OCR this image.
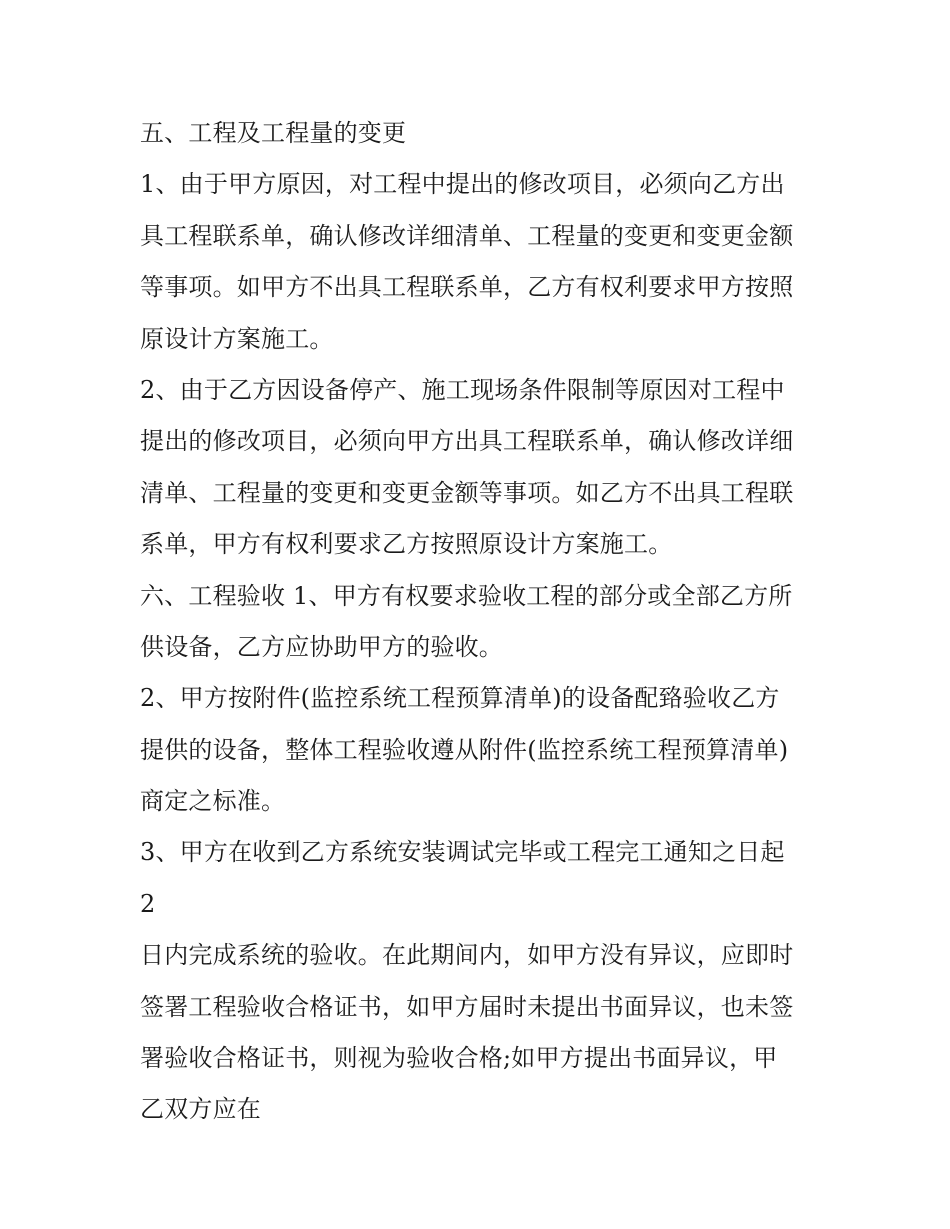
五、工程及工程量的变更
1、由于甲方原因，对工程中提出的修改项目，必须向乙方出
具工程联系单，确认修改详细清单、工程量的变更和变更金额
等事项。如甲方不出具工程联系单，乙方有权利要求甲方按照
原设计方案施工。
2、由于乙方因设备停产、施工现场条件限制等原因对工程中
提出的修改项目，必须向甲方出具工程联系单，确认修改详细
清单、工程量的变更和变更金额等事项。如乙方不出具工程联
系单，甲方有权利要求乙方按照原设计方案施工。
六、工程验收 1、甲方有权要求验收工程的部分或全部乙方所
供设备，乙方应协助甲方的验收。
2、甲方按附件(监控系统工程预算清单)的设备配臵验收乙方
提供的设备，整体工程验收遵从附件(监控系统工程预算清单)
商定之标准。
3、甲方在收到乙方系统安装调试完毕或工程完工通知之日起
2
日内完成系统的验收。在此期间内，如甲方没有异议，应即时
签署工程验收合格证书，如甲方届时未提出书面异议，也未签
署验收合格证书，则视为验收合格;如甲方提出书面异议，甲
乙双方应在
